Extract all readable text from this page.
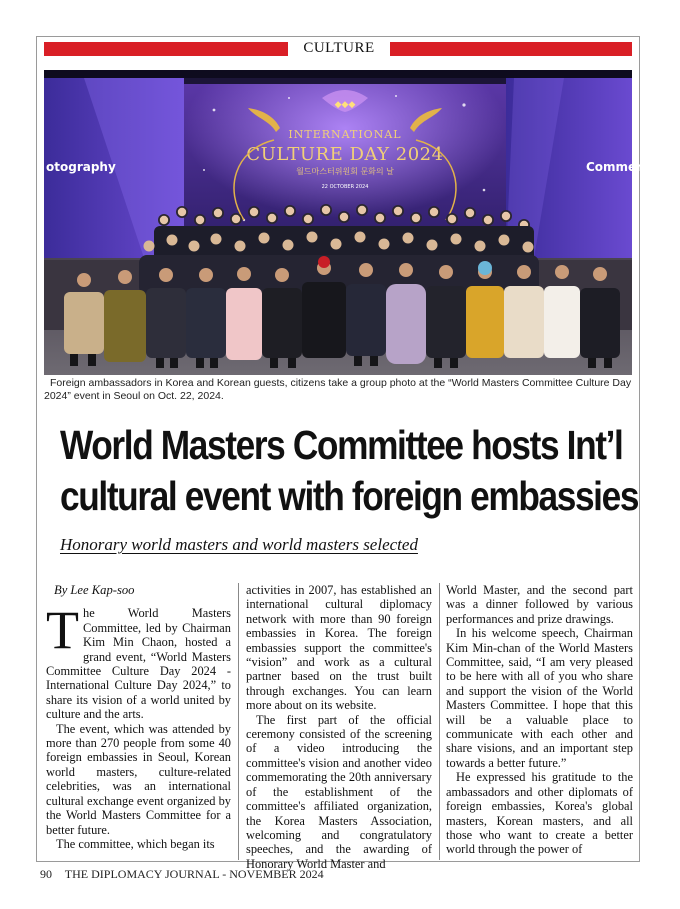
CULTURE
◆◆◆
INTERNATIONAL
CULTURE DAY 2024
월드마스터위원회 문화의 날
22 OCTOBER 2024
otography	Commer
Foreign ambassadors in Korea and Korean guests, citizens take a group photo at the “World Masters Committee Culture Day 2024” event in Seoul on Oct. 22, 2024.
World Masters Committee hosts Int’l
cultural event with foreign embassies
Honorary world masters and world masters selected
By Lee Kap-soo

The World Masters Committee, led by Chairman Kim Min Chaon, hosted a grand event, “World Masters Committee Culture Day 2024 - International Culture Day 2024,” to share its vision of a world united by culture and the arts.

The event, which was attended by more than 270 people from some 40 foreign embassies in Seoul, Korean world masters, culture-related celebrities, was an international cultural exchange event organized by the World Masters Committee for a better future.

The committee, which began its

activities in 2007, has established an international cultural diplomacy network with more than 90 foreign embassies in Korea. The foreign embassies support the committee's “vision” and work as a cultural partner based on the trust built through exchanges. You can learn more about on its website.

The first part of the official ceremony consisted of the screening of a video introducing the committee's vision and another video commemorating the 20th anniversary of the establishment of the committee's affiliated organization, the Korea Masters Association, welcoming and congratulatory speeches, and the awarding of Honorary World Master and

World Master, and the second part was a dinner followed by various performances and prize drawings.

In his welcome speech, Chairman Kim Min-chan of the World Masters Committee, said, “I am very pleased to be here with all of you who share and support the vision of the World Masters Committee. I hope that this will be a valuable place to communicate with each other and share visions, and an important step towards a better future.”

He expressed his gratitude to the ambassadors and other diplomats of foreign embassies, Korea's global masters, Korean masters, and all those who want to create a better world through the power of

90 THE DIPLOMACY JOURNAL - NOVEMBER 2024
